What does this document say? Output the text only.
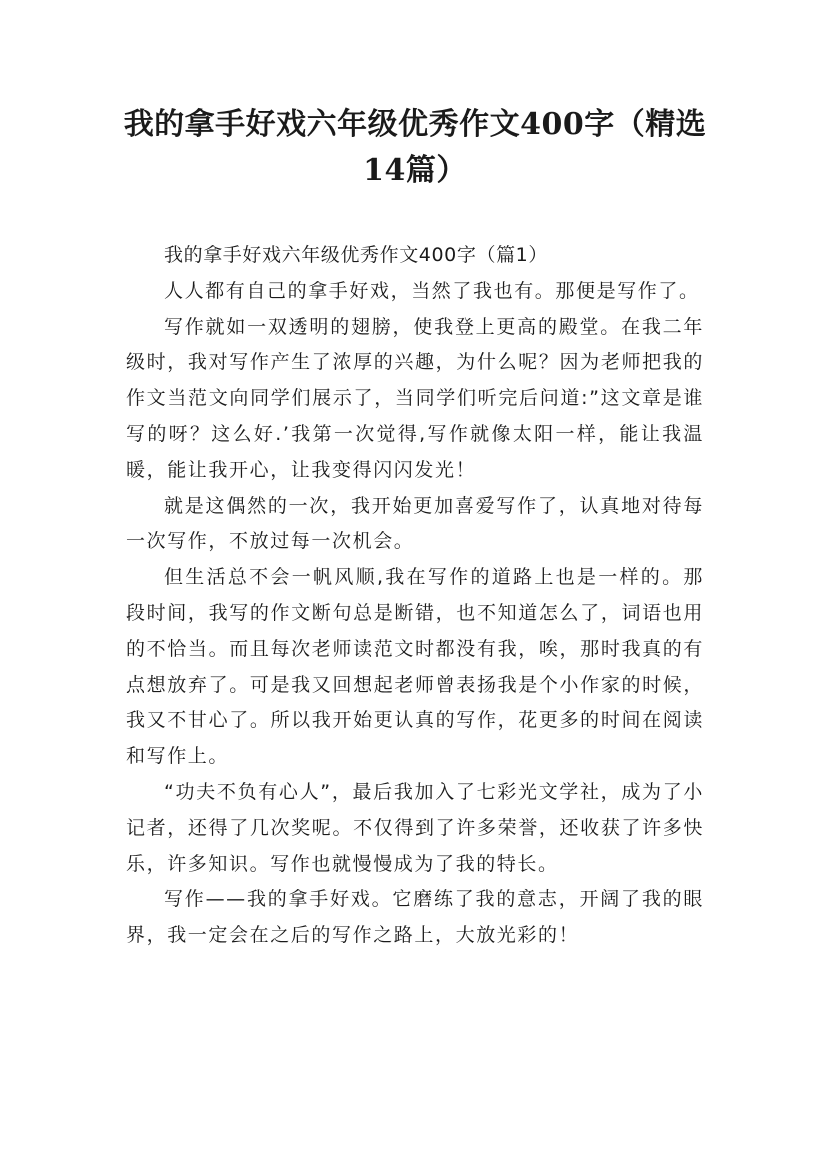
我的拿手好戏六年级优秀作文400字（精选14篇）

我的拿手好戏六年级优秀作文400字（篇1）

人人都有自己的拿手好戏，当然了我也有。那便是写作了。

写作就如一双透明的翅膀，使我登上更高的殿堂。在我二年级时，我对写作产生了浓厚的兴趣，为什么呢？因为老师把我的作文当范文向同学们展示了，当同学们听完后问道:”这文章是谁写的呀？这么好.’我第一次觉得,写作就像太阳一样，能让我温暖，能让我开心，让我变得闪闪发光！

就是这偶然的一次，我开始更加喜爱写作了，认真地对待每一次写作，不放过每一次机会。

但生活总不会一帆风顺,我在写作的道路上也是一样的。那段时间，我写的作文断句总是断错，也不知道怎么了，词语也用的不恰当。而且每次老师读范文时都没有我，唉，那时我真的有点想放弃了。可是我又回想起老师曾表扬我是个小作家的时候，我又不甘心了。所以我开始更认真的写作，花更多的时间在阅读和写作上。

“功夫不负有心人”，最后我加入了七彩光文学社，成为了小记者，还得了几次奖呢。不仅得到了许多荣誉，还收获了许多快乐，许多知识。写作也就慢慢成为了我的特长。

写作——我的拿手好戏。它磨练了我的意志，开阔了我的眼界，我一定会在之后的写作之路上，大放光彩的！
